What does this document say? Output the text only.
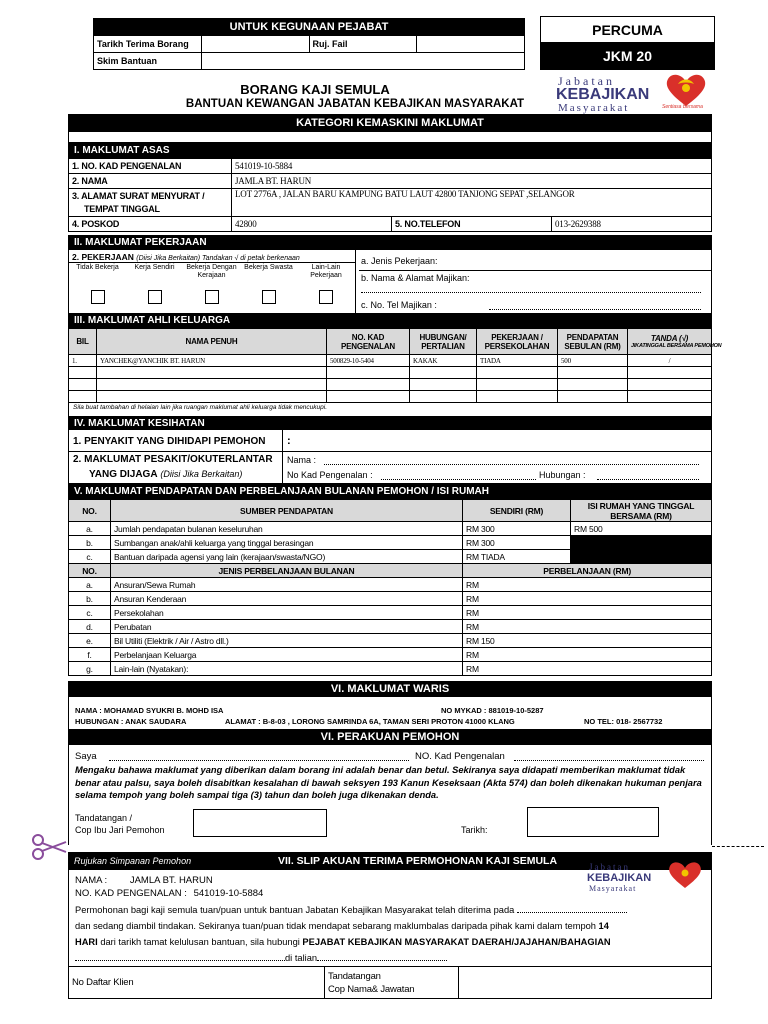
UNTUK KEGUNAAN PEJABAT			
Tarikh Terima Borang		Ruj. Fail	
Skim Bantuan			
PERCUMA
JKM 20
Jabatan
KEBAJIKAN
Masyarakat	Sentiasa Bersama
BORANG KAJI SEMULA
BANTUAN KEWANGAN JABATAN KEBAJIKAN MASYARAKAT
KATEGORI KEMASKINI MAKLUMAT
I. MAKLUMAT ASAS
1. NO. KAD PENGENALAN	541019-10-5884		
2. NAMA	JAMLA BT. HARUN		

3. ALAMAT SURAT MENYURAT /
TEMPAT TINGGAL	LOT 2776A , JALAN BARU KAMPUNG BATU LAUT 42800 TANJONG SEPAT ,SELANGOR		
4. POSKOD	42800	5. NO.TELEFON	013-2629388
II. MAKLUMAT PEKERJAAN
2. PEKERJAAN (Diisi Jika Berkaitan) Tandakan √ di petak berkenaan
Tidak Bekerja	Kerja Sendiri	Bekerja Dengan Kerajaan
Bekerja Swasta	Lain-Lain Pekerjaan
a. Jenis Pekerjaan:
b. Nama & Alamat Majikan:
c. No. Tel Majikan :
III. MAKLUMAT AHLI KELUARGA
BIL	NAMA PENUH	NO. KAD PENGENALAN	HUBUNGAN/ PERTALIAN	PEKERJAAN / PERSEKOLAHAN	PENDAPATAN SEBULAN (RM)	TANDA (√)
JIKATINGGAL BERSAMA PEMOHON

1.	YANCHEK@YANCHIK BT. HARUN	500829-10-5404	KAKAK	TIADA	500	/

Sila buat tambahan di helaian lain jika ruangan maklumat ahli keluarga tidak mencukupi.
IV. MAKLUMAT KESIHATAN
1. PENYAKIT YANG DIHIDAPI PEMOHON :
2. MAKLUMAT PESAKIT/OKUTERLANTAR
YANG DIJAGA (Diisi Jika Berkaitan)
Nama :
No Kad Pengenalan :	Hubungan :
V. MAKLUMAT PENDAPATAN DAN PERBELANJAAN BULANAN PEMOHON / ISI RUMAH
NO.	SUMBER PENDAPATAN	SENDIRI (RM)	ISI RUMAH YANG TINGGAL BERSAMA (RM)
a.	Jumlah pendapatan bulanan keseluruhan	RM 300	RM 500
b.	Sumbangan anak/ahli keluarga yang tinggal berasingan	RM 300	
c.	Bantuan daripada agensi yang lain (kerajaan/swasta/NGO)	RM TIADA	
NO.	JENIS PERBELANJAAN BULANAN	PERBELANJAAN (RM)	
a.	Ansuran/Sewa Rumah	RM	
b.	Ansuran Kenderaan	RM	
c.	Persekolahan	RM	
d.	Perubatan	RM	
e.	Bil Utiliti (Elektrik / Air / Astro dll.)	RM 150	
f.	Perbelanjaan Keluarga	RM	
g.	Lain-lain (Nyatakan):	RM	
VI. MAKLUMAT WARIS
NAMA : MOHAMAD SYUKRI B. MOHD ISA	NO MYKAD : 881019-10-5287
HUBUNGAN : ANAK SAUDARA	ALAMAT : B-8-03 , LORONG SAMRINDA 6A, TAMAN SERI PROTON 41000 KLANG	NO TEL: 018- 2567732
VI. PERAKUAN PEMOHON
Saya	NO. Kad Pengenalan
Mengaku bahawa maklumat yang diberikan dalam borang ini adalah benar dan betul. Sekiranya saya didapati memberikan maklumat tidak benar atau palsu, saya boleh disabitkan kesalahan di bawah seksyen 193 Kanun Keseksaan (Akta 574) dan boleh dikenakan hukuman penjara selama tempoh yang boleh sampai tiga (3) tahun dan boleh juga dikenakan denda.
Tandatangan /
Cop Ibu Jari Pemohon	Tarikh:
Rujukan Simpanan Pemohon	VII. SLIP AKUAN TERIMA PERMOHONAN KAJI SEMULA
NAMA : JAMLA BT. HARUN
NO. KAD PENGENALAN : 541019-10-5884
Permohonan bagi kaji semula tuan/puan untuk bantuan Jabatan Kebajikan Masyarakat telah diterima pada
dan sedang diambil tindakan. Sekiranya tuan/puan tidak mendapat sebarang maklumbalas daripada pihak kami dalam tempoh 14
HARI dari tarikh tamat kelulusan bantuan, sila hubungi PEJABAT KEBAJIKAN MASYARAKAT DAERAH/JAJAHAN/BAHAGIAN
di talian
Jabatan
KEBAJIKAN
Masyarakat
No Daftar Klien	
Tandatangan
Cop Nama& Jawatan
